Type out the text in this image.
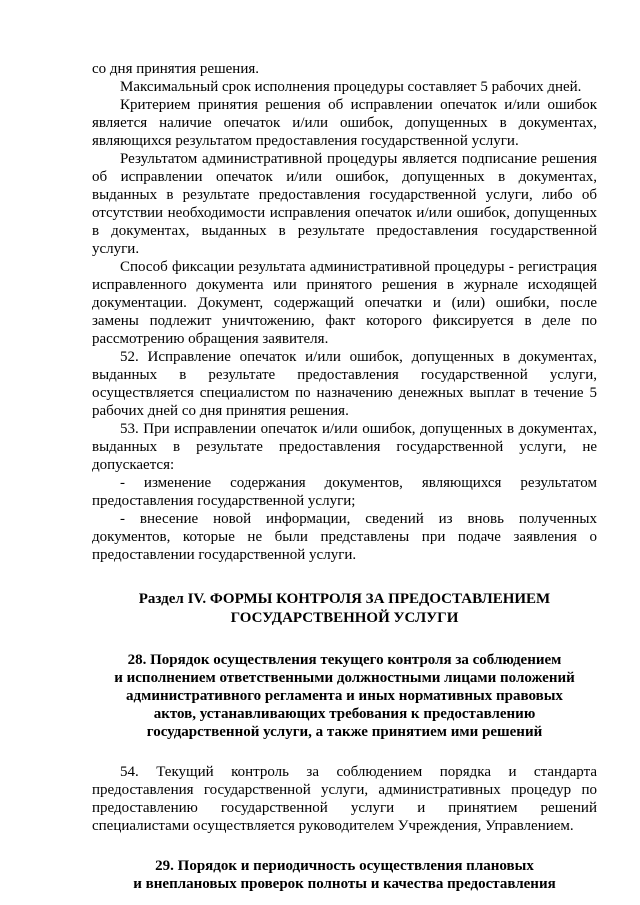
со дня принятия решения.

Максимальный срок исполнения процедуры составляет 5 рабочих дней.

Критерием принятия решения об исправлении опечаток и/или ошибок является наличие опечаток и/или ошибок, допущенных в документах, являющихся результатом предоставления государственной услуги.

Результатом административной процедуры является подписание решения об исправлении опечаток и/или ошибок, допущенных в документах, выданных в результате предоставления государственной услуги, либо об отсутствии необходимости исправления опечаток и/или ошибок, допущенных в документах, выданных в результате предоставления государственной услуги.

Способ фиксации результата административной процедуры - регистрация исправленного документа или принятого решения в журнале исходящей документации. Документ, содержащий опечатки и (или) ошибки, после замены подлежит уничтожению, факт которого фиксируется в деле по рассмотрению обращения заявителя.

52. Исправление опечаток и/или ошибок, допущенных в документах, выданных в результате предоставления государственной услуги, осуществляется специалистом по назначению денежных выплат в течение 5 рабочих дней со дня принятия решения.

53. При исправлении опечаток и/или ошибок, допущенных в документах, выданных в результате предоставления государственной услуги, не допускается:

- изменение содержания документов, являющихся результатом предоставления государственной услуги;

- внесение новой информации, сведений из вновь полученных документов, которые не были представлены при подаче заявления о предоставлении государственной услуги.

Раздел IV. ФОРМЫ КОНТРОЛЯ ЗА ПРЕДОСТАВЛЕНИЕМ ГОСУДАРСТВЕННОЙ УСЛУГИ
28. Порядок осуществления текущего контроля за соблюдением
и исполнением ответственными должностными лицами положений
административного регламента и иных нормативных правовых
актов, устанавливающих требования к предоставлению
государственной услуги, а также принятием ими решений

54. Текущий контроль за соблюдением порядка и стандарта предоставления государственной услуги, административных процедур по предоставлению государственной услуги и принятием решений специалистами осуществляется руководителем Учреждения, Управлением.

29. Порядок и периодичность осуществления плановых
и внеплановых проверок полноты и качества предоставления
